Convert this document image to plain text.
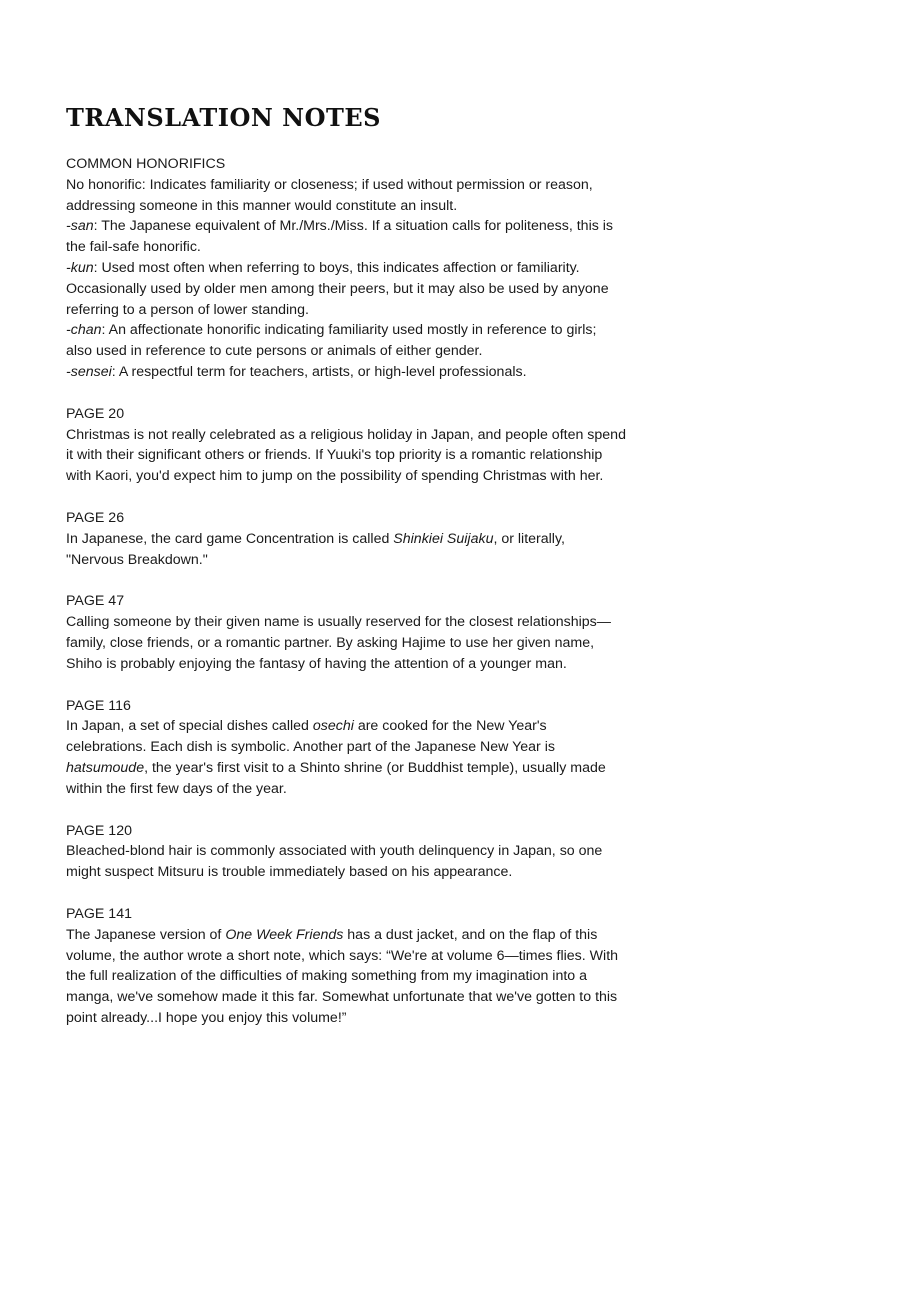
TRANSLATION NOTES
COMMON HONORIFICS
No honorific: Indicates familiarity or closeness; if used without permission or reason, addressing someone in this manner would constitute an insult.
-san: The Japanese equivalent of Mr./Mrs./Miss. If a situation calls for politeness, this is the fail-safe honorific.
-kun: Used most often when referring to boys, this indicates affection or familiarity. Occasionally used by older men among their peers, but it may also be used by anyone referring to a person of lower standing.
-chan: An affectionate honorific indicating familiarity used mostly in reference to girls; also used in reference to cute persons or animals of either gender.
-sensei: A respectful term for teachers, artists, or high-level professionals.
PAGE 20
Christmas is not really celebrated as a religious holiday in Japan, and people often spend it with their significant others or friends. If Yuuki's top priority is a romantic relationship with Kaori, you'd expect him to jump on the possibility of spending Christmas with her.
PAGE 26
In Japanese, the card game Concentration is called Shinkiei Suijaku, or literally, "Nervous Breakdown."
PAGE 47
Calling someone by their given name is usually reserved for the closest relationships—family, close friends, or a romantic partner. By asking Hajime to use her given name, Shiho is probably enjoying the fantasy of having the attention of a younger man.
PAGE 116
In Japan, a set of special dishes called osechi are cooked for the New Year's celebrations. Each dish is symbolic. Another part of the Japanese New Year is hatsumoude, the year's first visit to a Shinto shrine (or Buddhist temple), usually made within the first few days of the year.
PAGE 120
Bleached-blond hair is commonly associated with youth delinquency in Japan, so one might suspect Mitsuru is trouble immediately based on his appearance.
PAGE 141
The Japanese version of One Week Friends has a dust jacket, and on the flap of this volume, the author wrote a short note, which says: “We're at volume 6—times flies. With the full realization of the difficulties of making something from my imagination into a manga, we've somehow made it this far. Somewhat unfortunate that we've gotten to this point already...I hope you enjoy this volume!”
